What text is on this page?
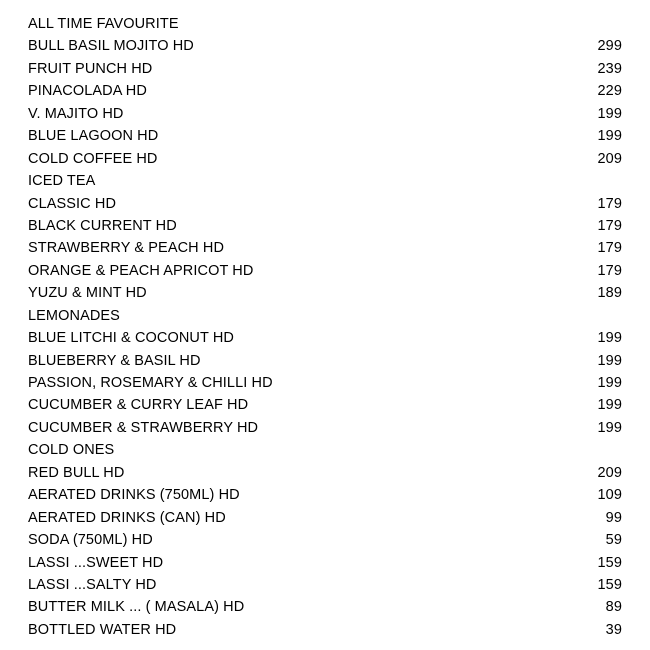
ALL TIME FAVOURITE
BULL BASIL MOJITO HD	299
FRUIT PUNCH HD	239
PINACOLADA HD	229
V. MAJITO HD	199
BLUE LAGOON HD	199
COLD COFFEE HD	209
ICED TEA
CLASSIC HD	179
BLACK CURRENT HD	179
STRAWBERRY & PEACH HD	179
ORANGE & PEACH APRICOT HD	179
YUZU & MINT HD	189
LEMONADES
BLUE LITCHI & COCONUT HD	199
BLUEBERRY & BASIL HD	199
PASSION, ROSEMARY & CHILLI HD	199
CUCUMBER & CURRY LEAF HD	199
CUCUMBER & STRAWBERRY HD	199
COLD ONES
RED BULL HD	209
AERATED DRINKS (750ML) HD	109
AERATED DRINKS (CAN) HD	99
SODA (750ML) HD	59
LASSI ...SWEET HD	159
LASSI ...SALTY HD	159
BUTTER MILK ... ( MASALA) HD	89
BOTTLED WATER HD	39
